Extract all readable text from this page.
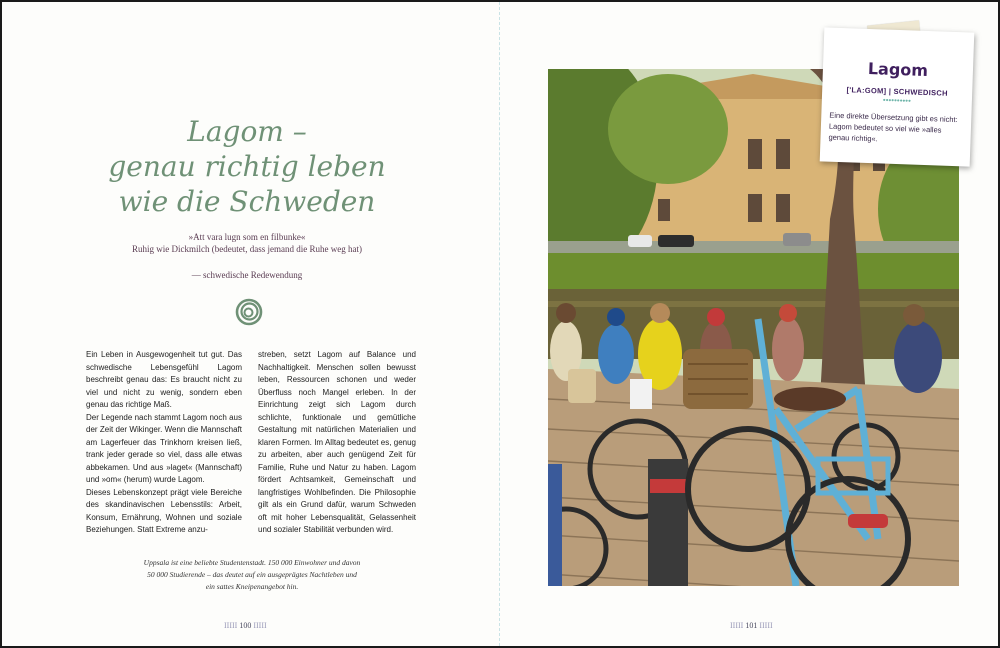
Lagom –
genau richtig leben
wie die Schweden
»Att vara lugn som en filbunke«
Ruhig wie Dickmilch (bedeutet, dass jemand die Ruhe weg hat)
— schwedische Redewendung

Ein Leben in Ausgewogenheit tut gut. Das schwedische Lebensgefühl Lagom beschreibt genau das: Es braucht nicht zu viel und nicht zu wenig, sondern eben genau das richtige Maß.

Der Legende nach stammt Lagom noch aus der Zeit der Wikinger. Wenn die Mannschaft am Lagerfeuer das Trinkhorn kreisen ließ, trank jeder gerade so viel, dass alle etwas abbekamen. Und aus »laget« (Mannschaft) und »om« (herum) wurde Lagom.

Dieses Lebenskonzept prägt viele Bereiche des skandinavischen Lebensstils: Arbeit, Konsum, Ernährung, Wohnen und soziale Beziehungen. Statt Extreme anzu-

streben, setzt Lagom auf Balance und Nachhaltigkeit. Menschen sollen bewusst leben, Ressourcen schonen und weder Überfluss noch Mangel erleben. In der Einrichtung zeigt sich Lagom durch schlichte, funktionale und gemütliche Gestaltung mit natürlichen Materialien und klaren Formen. Im Alltag bedeutet es, genug zu arbeiten, aber auch genügend Zeit für Familie, Ruhe und Natur zu haben. Lagom fördert Achtsamkeit, Gemeinschaft und langfristiges Wohlbefinden. Die Philosophie gilt als ein Grund dafür, warum Schweden oft mit hoher Lebensqualität, Gelassenheit und sozialer Stabilität verbunden wird.

Uppsala ist eine beliebte Studentenstadt. 150 000 Einwohner und davon
50 000 Studierende – das deutet auf ein ausgeprägtes Nachtleben und
ein sattes Kneipenangebot hin.
IIIII 100 IIIII
Lagom
['LA:GOM] | SCHWEDISCH
••••••••••
Eine direkte Übersetzung gibt es nicht: Lagom bedeutet so viel wie »alles genau richtig«.
IIIII 101 IIIII
